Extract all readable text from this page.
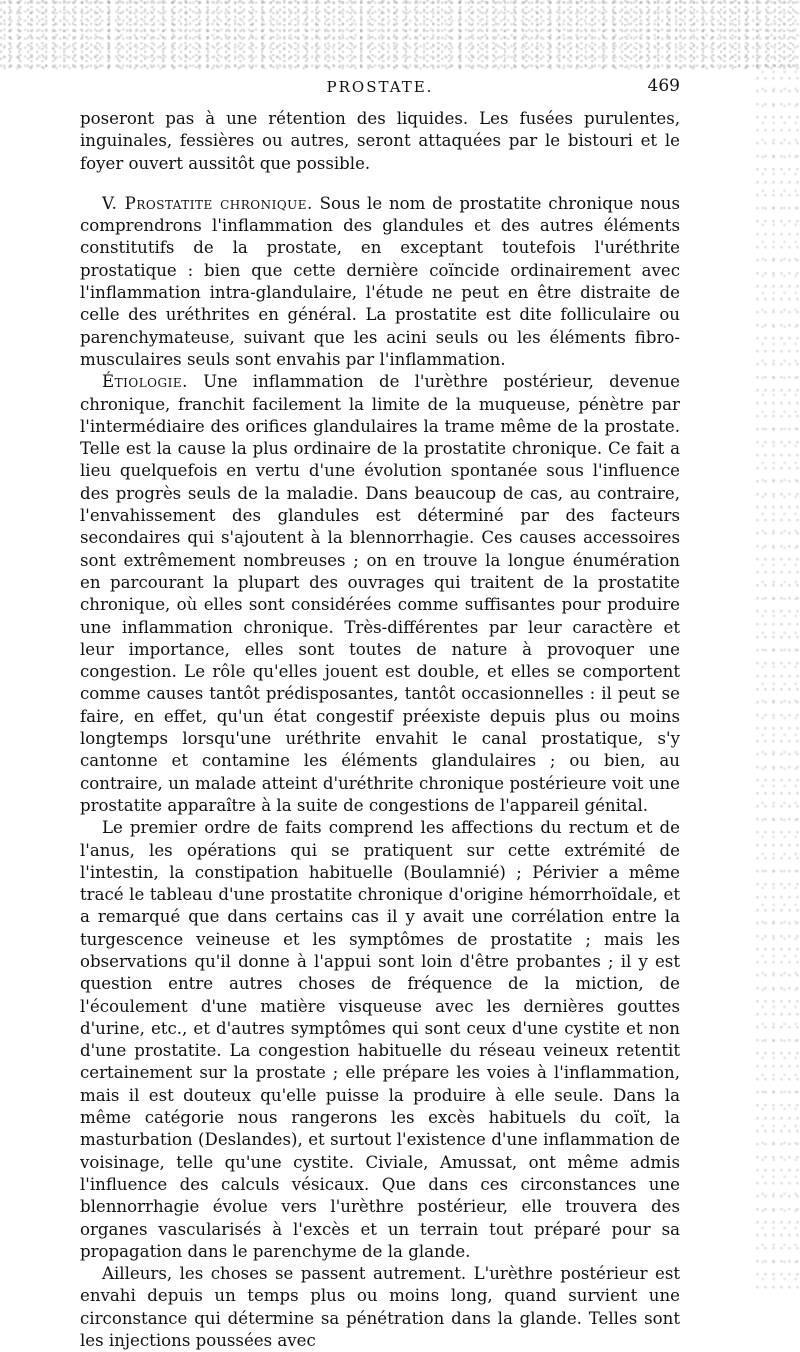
PROSTATE.	469

poseront pas à une rétention des liquides. Les fusées purulentes, inguinales, fessières ou autres, seront attaquées par le bistouri et le foyer ouvert aussitôt que possible.

V. Prostatite chronique. Sous le nom de prostatite chronique nous comprendrons l'inflammation des glandules et des autres éléments constitutifs de la prostate, en exceptant toutefois l'uréthrite prostatique : bien que cette dernière coïncide ordinairement avec l'inflammation intra-glandulaire, l'étude ne peut en être distraite de celle des uréthrites en général. La prostatite est dite folliculaire ou parenchymateuse, suivant que les acini seuls ou les éléments fibro-musculaires seuls sont envahis par l'inflammation.

Étiologie. Une inflammation de l'urèthre postérieur, devenue chronique, franchit facilement la limite de la muqueuse, pénètre par l'intermédiaire des orifices glandulaires la trame même de la prostate. Telle est la cause la plus ordinaire de la prostatite chronique. Ce fait a lieu quelquefois en vertu d'une évolution spontanée sous l'influence des progrès seuls de la maladie. Dans beaucoup de cas, au contraire, l'envahissement des glandules est déterminé par des facteurs secondaires qui s'ajoutent à la blennorrhagie. Ces causes accessoires sont extrêmement nombreuses ; on en trouve la longue énumération en parcourant la plupart des ouvrages qui traitent de la prostatite chronique, où elles sont considérées comme suffisantes pour produire une inflammation chronique. Très-différentes par leur caractère et leur importance, elles sont toutes de nature à provoquer une congestion. Le rôle qu'elles jouent est double, et elles se comportent comme causes tantôt prédisposantes, tantôt occasionnelles : il peut se faire, en effet, qu'un état congestif préexiste depuis plus ou moins longtemps lorsqu'une uréthrite envahit le canal prostatique, s'y cantonne et contamine les éléments glandulaires ; ou bien, au contraire, un malade atteint d'uréthrite chronique postérieure voit une prostatite apparaître à la suite de congestions de l'appareil génital.

Le premier ordre de faits comprend les affections du rectum et de l'anus, les opérations qui se pratiquent sur cette extrémité de l'intestin, la constipation habituelle (Boulamnié) ; Périvier a même tracé le tableau d'une prostatite chronique d'origine hémorrhoïdale, et a remarqué que dans certains cas il y avait une corrélation entre la turgescence veineuse et les symptômes de prostatite ; mais les observations qu'il donne à l'appui sont loin d'être probantes ; il y est question entre autres choses de fréquence de la miction, de l'écoulement d'une matière visqueuse avec les dernières gouttes d'urine, etc., et d'autres symptômes qui sont ceux d'une cystite et non d'une prostatite. La congestion habituelle du réseau veineux retentit certainement sur la prostate ; elle prépare les voies à l'inflammation, mais il est douteux qu'elle puisse la produire à elle seule. Dans la même catégorie nous rangerons les excès habituels du coït, la masturbation (Deslandes), et surtout l'existence d'une inflammation de voisinage, telle qu'une cystite. Civiale, Amussat, ont même admis l'influence des calculs vésicaux. Que dans ces circonstances une blennorrhagie évolue vers l'urèthre postérieur, elle trouvera des organes vascularisés à l'excès et un terrain tout préparé pour sa propagation dans le parenchyme de la glande.

Ailleurs, les choses se passent autrement. L'urèthre postérieur est envahi depuis un temps plus ou moins long, quand survient une circonstance qui détermine sa pénétration dans la glande. Telles sont les injections poussées avec
